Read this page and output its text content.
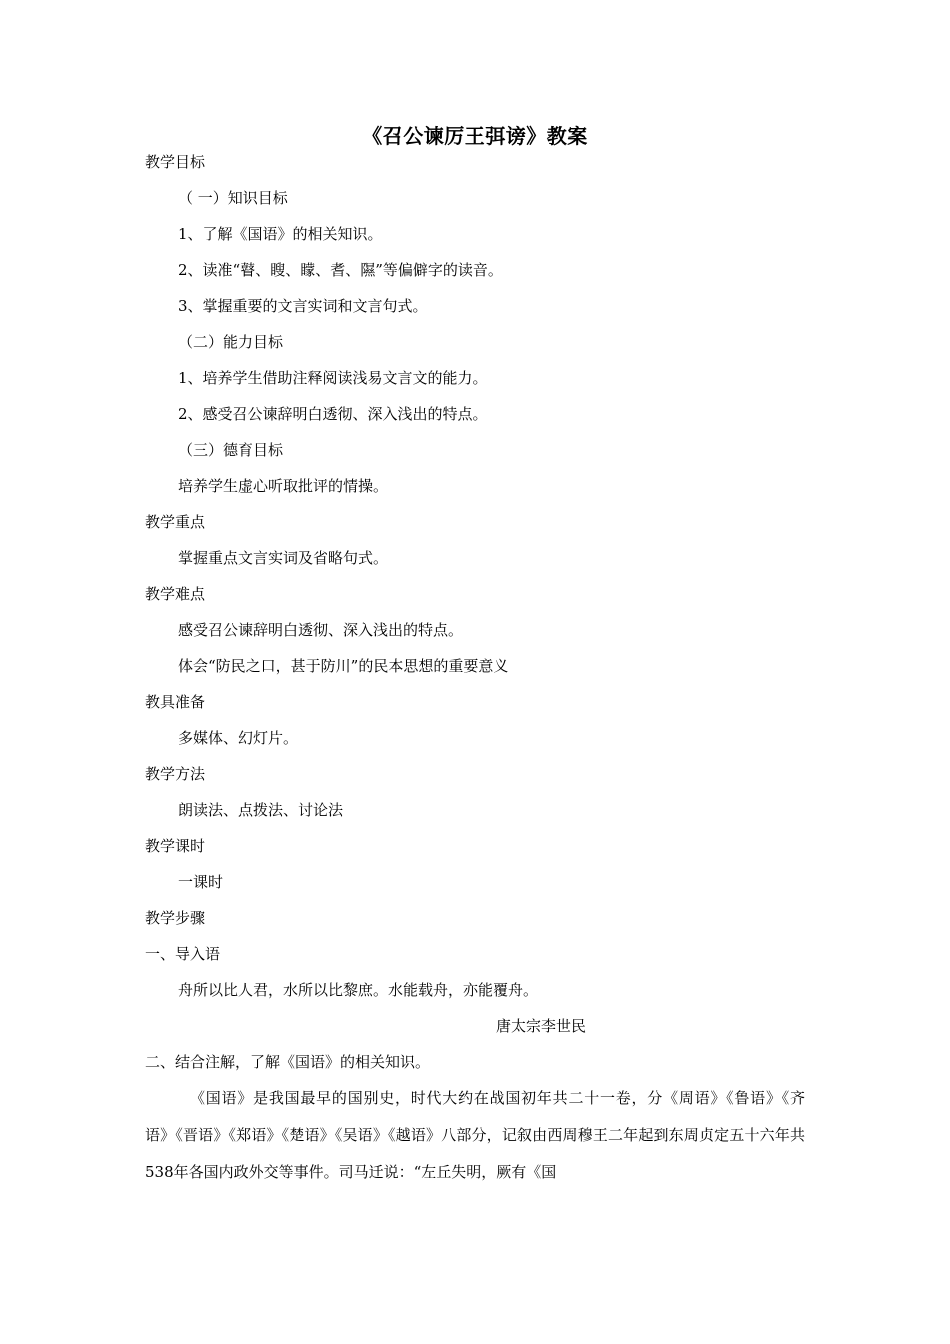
《召公谏厉王弭谤》教案
教学目标
（ 一）知识目标
1、了解《国语》的相关知识。
2、读准“瞽、瞍、矇、耆、隰”等偏僻字的读音。
3、掌握重要的文言实词和文言句式。
（二）能力目标
1、培养学生借助注释阅读浅易文言文的能力。
2、感受召公谏辞明白透彻、深入浅出的特点。
（三）德育目标
培养学生虚心听取批评的情操。
教学重点
掌握重点文言实词及省略句式。
教学难点
感受召公谏辞明白透彻、深入浅出的特点。
体会“防民之口，甚于防川”的民本思想的重要意义
教具准备
多媒体、幻灯片。
教学方法
朗读法、点拨法、讨论法
教学课时
一课时
教学步骤
一、导入语
舟所以比人君，水所以比黎庶。水能载舟，亦能覆舟。
唐太宗李世民
二、结合注解，了解《国语》的相关知识。
《国语》是我国最早的国别史，时代大约在战国初年共二十一卷，分《周语》《鲁语》《齐语》《晋语》《郑语》《楚语》《吴语》《越语》八部分，记叙由西周穆王二年起到东周贞定五十六年共538年各国内政外交等事件。司马迁说：“左丘失明，厥有《国
